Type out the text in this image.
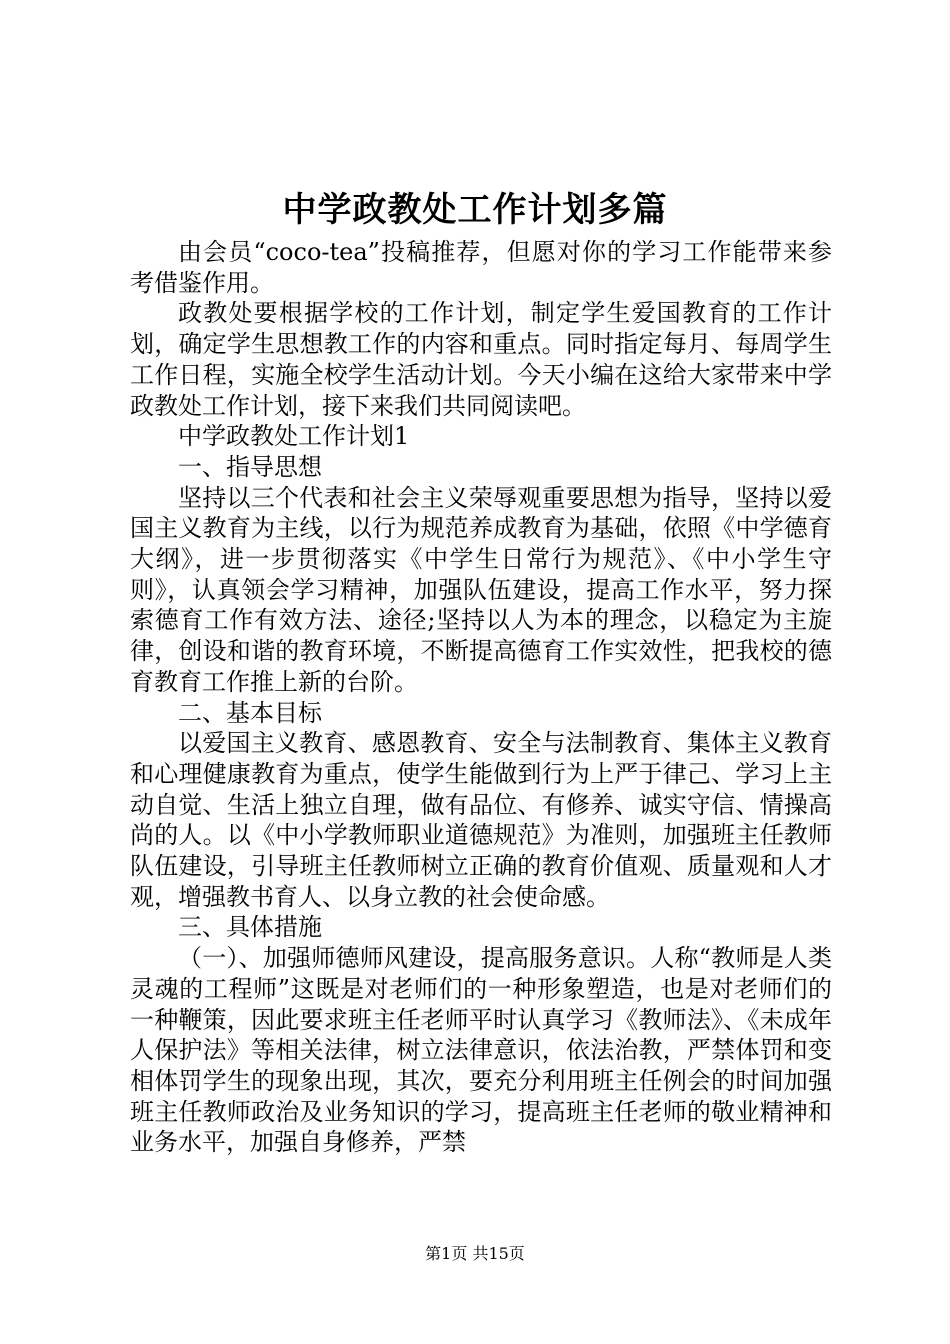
中学政教处工作计划多篇

由会员“coco-tea”投稿推荐，但愿对你的学习工作能带来参考借鉴作用。

政教处要根据学校的工作计划，制定学生爱国教育的工作计划，确定学生思想教工作的内容和重点。同时指定每月、每周学生工作日程，实施全校学生活动计划。今天小编在这给大家带来中学政教处工作计划，接下来我们共同阅读吧。

中学政教处工作计划1

一、指导思想

坚持以三个代表和社会主义荣辱观重要思想为指导，坚持以爱国主义教育为主线，以行为规范养成教育为基础，依照《中学德育大纲》，进一步贯彻落实《中学生日常行为规范》、《中小学生守则》，认真领会学习精神，加强队伍建设，提高工作水平，努力探索德育工作有效方法、途径;坚持以人为本的理念，以稳定为主旋律，创设和谐的教育环境，不断提高德育工作实效性，把我校的德育教育工作推上新的台阶。

二、基本目标

以爱国主义教育、感恩教育、安全与法制教育、集体主义教育和心理健康教育为重点，使学生能做到行为上严于律己、学习上主动自觉、生活上独立自理，做有品位、有修养、诚实守信、情操高尚的人。以《中小学教师职业道德规范》为准则，加强班主任教师队伍建设，引导班主任教师树立正确的教育价值观、质量观和人才观，增强教书育人、以身立教的社会使命感。

三、具体措施

（一）、加强师德师风建设，提高服务意识。人称“教师是人类灵魂的工程师”这既是对老师们的一种形象塑造，也是对老师们的一种鞭策，因此要求班主任老师平时认真学习《教师法》、《未成年人保护法》等相关法律，树立法律意识，依法治教，严禁体罚和变相体罚学生的现象出现，其次，要充分利用班主任例会的时间加强班主任教师政治及业务知识的学习，提高班主任老师的敬业精神和业务水平，加强自身修养，严禁

第1页 共15页
